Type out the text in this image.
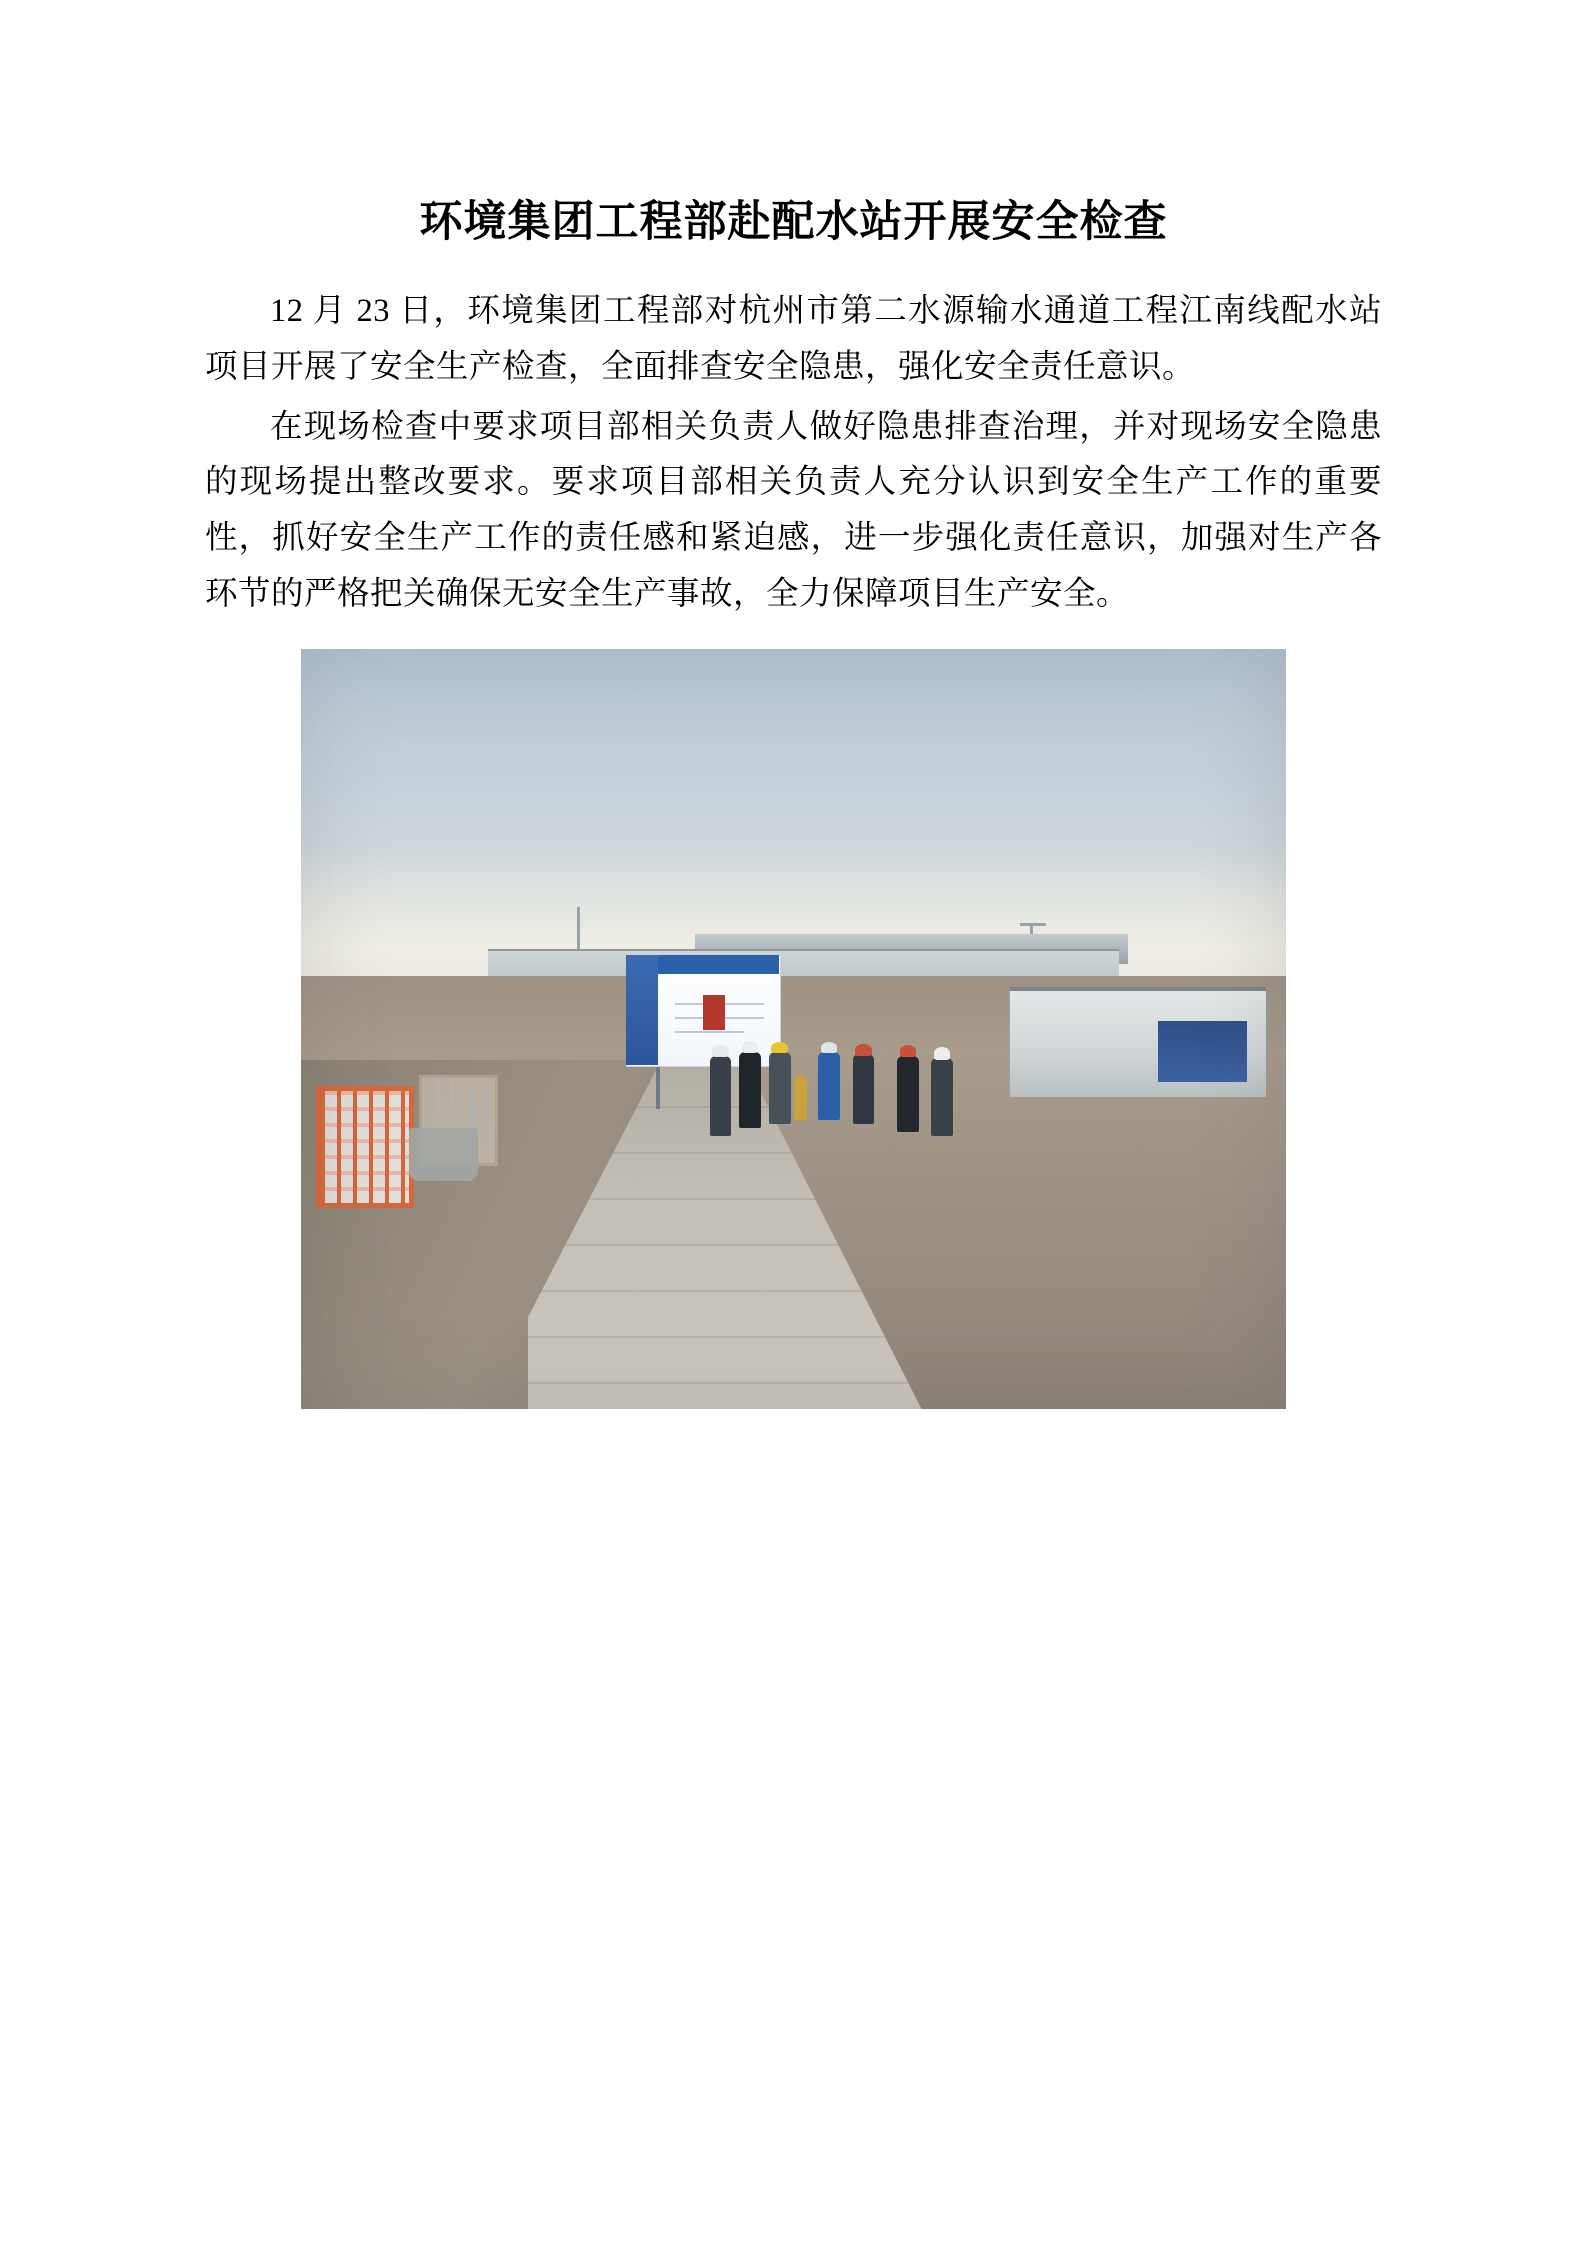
环境集团工程部赴配水站开展安全检查

12 月 23 日，环境集团工程部对杭州市第二水源输水通道工程江南线配水站项目开展了安全生产检查，全面排查安全隐患，强化安全责任意识。

在现场检查中要求项目部相关负责人做好隐患排查治理，并对现场安全隐患的现场提出整改要求。要求项目部相关负责人充分认识到安全生产工作的重要性，抓好安全生产工作的责任感和紧迫感，进一步强化责任意识，加强对生产各环节的严格把关确保无安全生产事故，全力保障项目生产安全。
